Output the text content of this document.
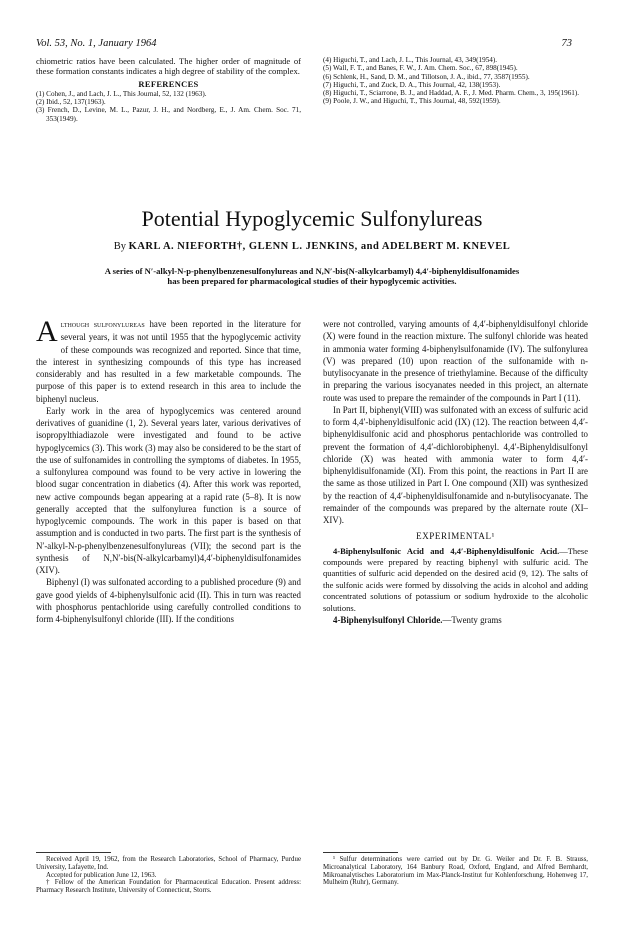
Vol. 53, No. 1, January 1964	73

chiometric ratios have been calculated. The higher order of magnitude of these formation constants indicates a high degree of stability of the complex.

REFERENCES

(1) Cohen, J., and Lach, J. L., This Journal, 52, 132 (1963).

(2) Ibid., 52, 137(1963).

(3) French, D., Levine, M. L., Pazur, J. H., and Nordberg, E., J. Am. Chem. Soc. 71, 353(1949).

(4) Higuchi, T., and Lach, J. L., This Journal, 43, 349(1954).

(5) Wall, F. T., and Banes, F. W., J. Am. Chem. Soc., 67, 898(1945).

(6) Schlenk, H., Sand, D. M., and Tillotson, J. A., ibid., 77, 3587(1955).

(7) Higuchi, T., and Zuck, D. A., This Journal, 42, 138(1953).

(8) Higuchi, T., Sciarrone, B. J., and Haddad, A. F., J. Med. Pharm. Chem., 3, 195(1961).

(9) Poole, J. W., and Higuchi, T., This Journal, 48, 592(1959).

Potential Hypoglycemic Sulfonylureas
By KARL A. NIEFORTH†, GLENN L. JENKINS, and ADELBERT M. KNEVEL
A series of N′-alkyl-N-p-phenylbenzenesulfonylureas and N,N′-bis(N-alkylcarbamyl) 4,4′-biphenyldisulfonamides has been prepared for pharmacological studies of their hypoglycemic activities.

Although sulfonylureas have been reported in the literature for several years, it was not until 1955 that the hypoglycemic activity of these compounds was recognized and reported. Since that time, the interest in synthesizing compounds of this type has increased considerably and has resulted in a few marketable compounds. The purpose of this paper is to extend research in this area to include the biphenyl nucleus.

Early work in the area of hypoglycemics was centered around derivatives of guanidine (1, 2). Several years later, various derivatives of isopropylthiadiazole were investigated and found to be active hypoglycemics (3). This work (3) may also be considered to be the start of the use of sulfonamides in controlling the symptoms of diabetes. In 1955, a sulfonylurea compound was found to be very active in lowering the blood sugar concentration in diabetics (4). After this work was reported, new active compounds began appearing at a rapid rate (5–8). It is now generally accepted that the sulfonylurea function is a source of hypoglycemic compounds. The work in this paper is based on that assumption and is conducted in two parts. The first part is the synthesis of N′-alkyl-N-p-phenylbenzenesulfonylureas (VII); the second part is the synthesis of N,N′-bis(N-alkylcarbamyl)4,4′-biphenyldisulfonamides (XIV).

Biphenyl (I) was sulfonated according to a published procedure (9) and gave good yields of 4-biphenylsulfonic acid (II). This in turn was reacted with phosphorus pentachloride using carefully controlled conditions to form 4-biphenylsulfonyl chloride (III). If the conditions

were not controlled, varying amounts of 4,4′-biphenyldisulfonyl chloride (X) were found in the reaction mixture. The sulfonyl chloride was heated in ammonia water forming 4-biphenylsulfonamide (IV). The sulfonylurea (V) was prepared (10) upon reaction of the sulfonamide with n-butylisocyanate in the presence of triethylamine. Because of the difficulty in preparing the various isocyanates needed in this project, an alternate route was used to prepare the remainder of the compounds in Part I (11).

In Part II, biphenyl(VIII) was sulfonated with an excess of sulfuric acid to form 4,4′-biphenyldisulfonic acid (IX) (12). The reaction between 4,4′-biphenyldisulfonic acid and phosphorus pentachloride was controlled to prevent the formation of 4,4′-dichlorobiphenyl. 4,4′-Biphenyldisulfonyl chloride (X) was heated with ammonia water to form 4,4′-biphenyldisulfonamide (XI). From this point, the reactions in Part II are the same as those utilized in Part I. One compound (XII) was synthesized by the reaction of 4,4′-biphenyldisulfonamide and n-butylisocyanate. The remainder of the compounds was prepared by the alternate route (XI–XIV).

EXPERIMENTAL¹

4-Biphenylsulfonic Acid and 4,4′-Biphenyldisulfonic Acid.—These compounds were prepared by reacting biphenyl with sulfuric acid. The quantities of sulfuric acid depended on the desired acid (9, 12). The salts of the sulfonic acids were formed by dissolving the acids in alcohol and adding concentrated solutions of potassium or sodium hydroxide to the alcoholic solutions.

4-Biphenylsulfonyl Chloride.—Twenty grams

Received April 19, 1962, from the Research Laboratories, School of Pharmacy, Purdue University, Lafayette, Ind.

Accepted for publication June 12, 1963.

† Fellow of the American Foundation for Pharmaceutical Education. Present address: Pharmacy Research Institute, University of Connecticut, Storrs.

¹ Sulfur determinations were carried out by Dr. G. Weiler and Dr. F. B. Strauss, Microanalytical Laboratory, 164 Banbury Road, Oxford, England, and Alfred Bernhardt, Mikroanalytisches Laboratorium im Max-Planck-Institut fur Kohlenforschung, Hohenweg 17, Mulheim (Ruhr), Germany.
